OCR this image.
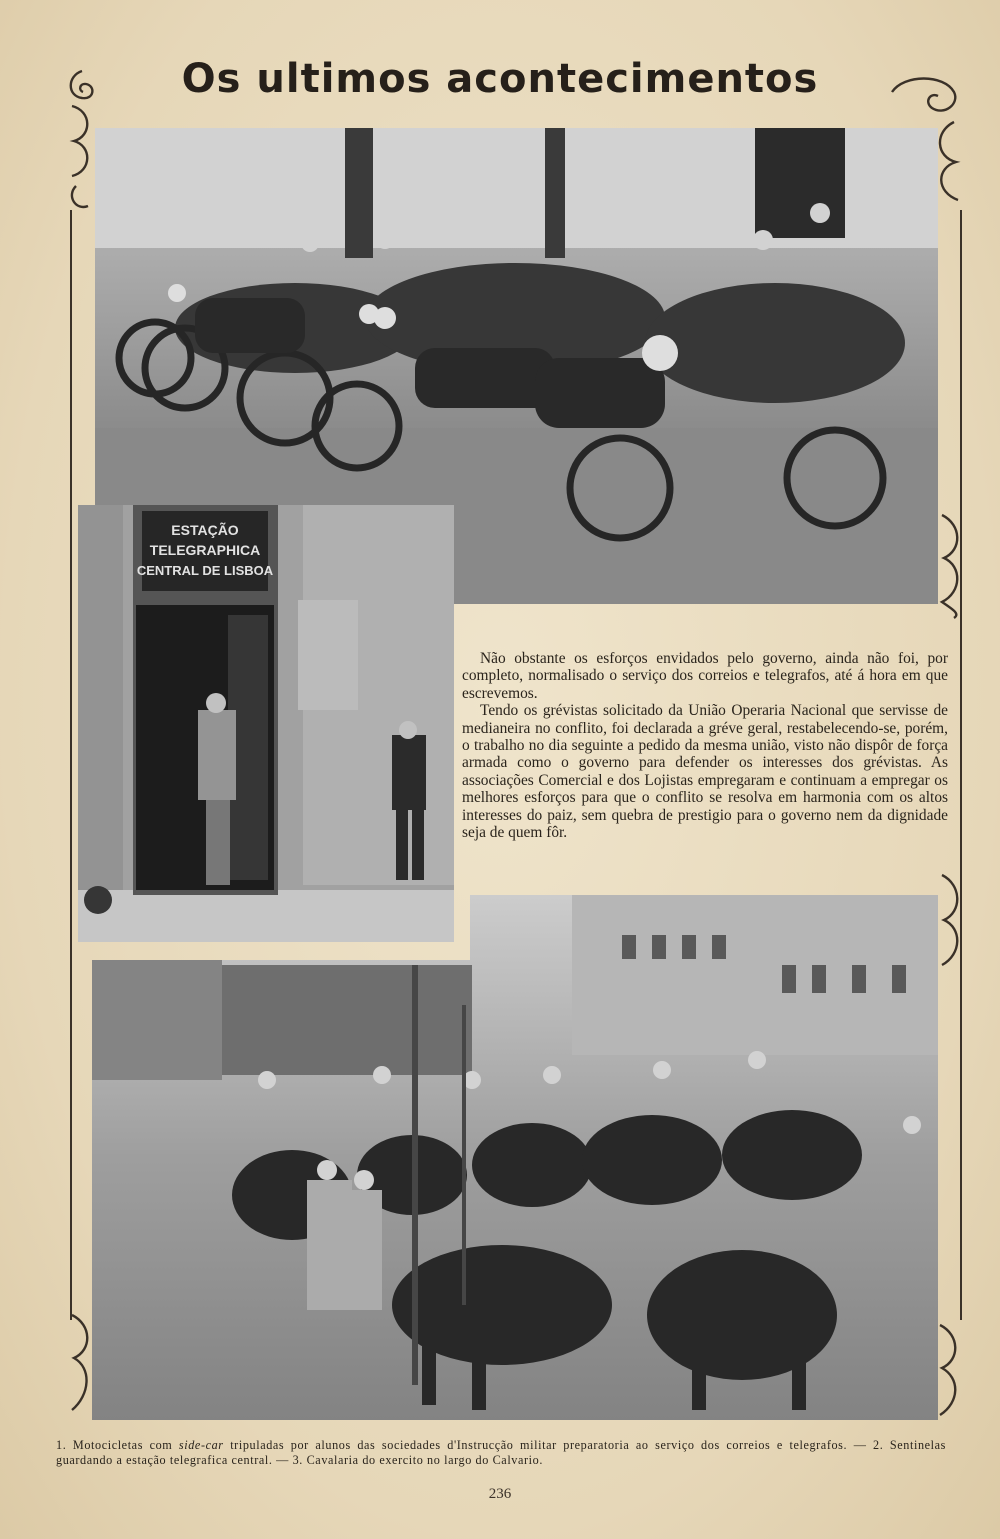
Os ultimos acontecimentos
ESTAÇÃO
TELEGRAPHICA
CENTRAL DE LISBOA

Não obstante os esforços envidados pelo governo, ainda não foi, por completo, normalisado o serviço dos correios e telegrafos, até á hora em que escrevemos.

Tendo os grévistas solicitado da União Operaria Nacional que servisse de medianeira no conflito, foi declarada a gréve geral, restabelecendo-se, porém, o trabalho no dia seguinte a pedido da mesma união, visto não dispôr de força armada como o governo para defender os interesses dos grévistas. As associações Comercial e dos Lojistas empregaram e continuam a empregar os melhores esforços para que o conflito se resolva em harmonia com os altos interesses do paiz, sem quebra de prestigio para o governo nem da dignidade seja de quem fôr.

1. Motocicletas com side-car tripuladas por alunos das sociedades d'Instrucção militar preparatoria ao serviço dos correios e telegrafos. — 2. Sentinelas guardando a estação telegrafica central. — 3. Cavalaria do exercito no largo do Calvario.
236
